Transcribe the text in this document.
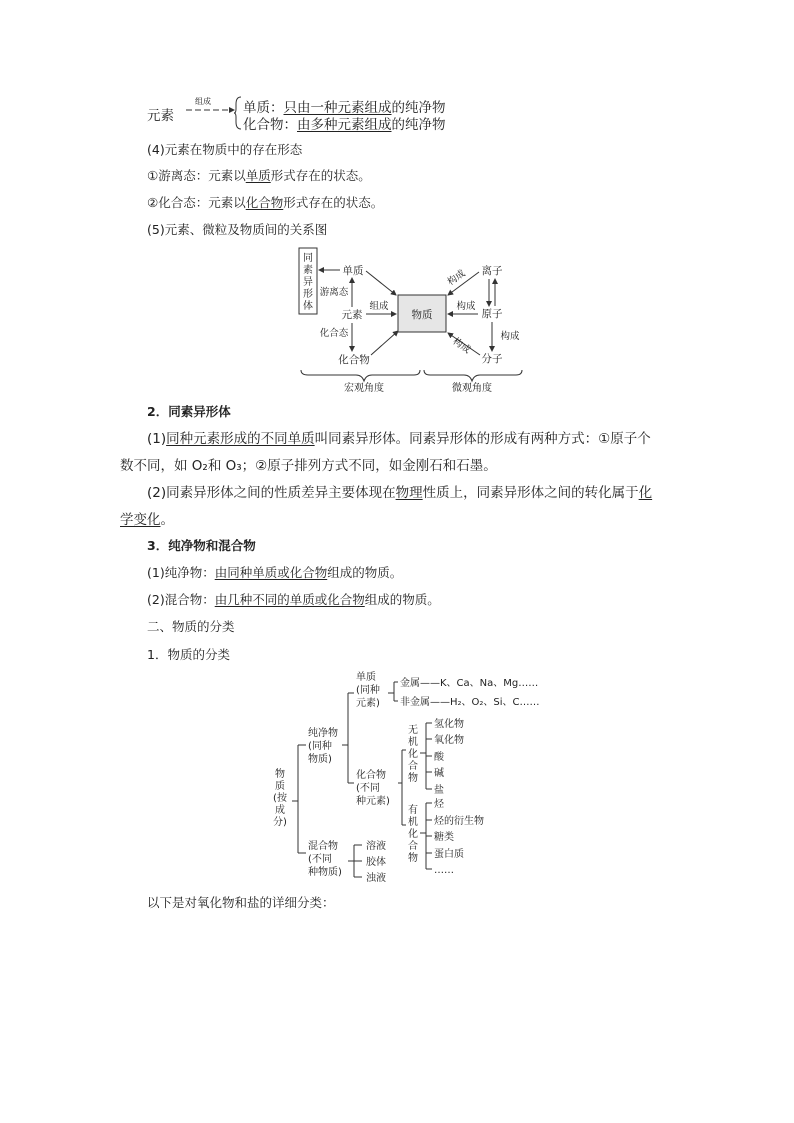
元素
组成 单质：只由一种元素组成的纯净物
化合物：由多种元素组成的纯净物
(4)元素在物质中的存在形态
①游离态：元素以单质形式存在的状态。
②化合态：元素以化合物形式存在的状态。
(5)元素、微粒及物质间的关系图
同
素
异
形
体
单质
游离态
元素
化合态
化合物
组成
物质
离子
原子
分子
构成
构成
构成	构成
宏观角度	微观角度
2．同素异形体
(1)同种元素形成的不同单质叫同素异形体。同素异形体的形成有两种方式：①原子个
数不同，如 O₂和 O₃；②原子排列方式不同，如金刚石和石墨。
(2)同素异形体之间的性质差异主要体现在物理性质上，同素异形体之间的转化属于化
学变化。
3．纯净物和混合物
(1)纯净物：由同种单质或化合物组成的物质。
(2)混合物：由几种不同的单质或化合物组成的物质。
二、物质的分类
1．物质的分类
物
质
(按
成
分)
纯净物
(同种
物质)
单质
(同种
元素)
金属——K、Ca、Na、Mg……
非金属——H₂、O₂、Si、C……
化合物
(不同
种元素)
无
机
化
合
物
氢化物
氧化物
酸
碱
盐
有
机
化
合
物
烃
烃的衍生物
糖类
蛋白质
……
混合物
(不同
种物质)
溶液
胶体
浊液
以下是对氧化物和盐的详细分类：
